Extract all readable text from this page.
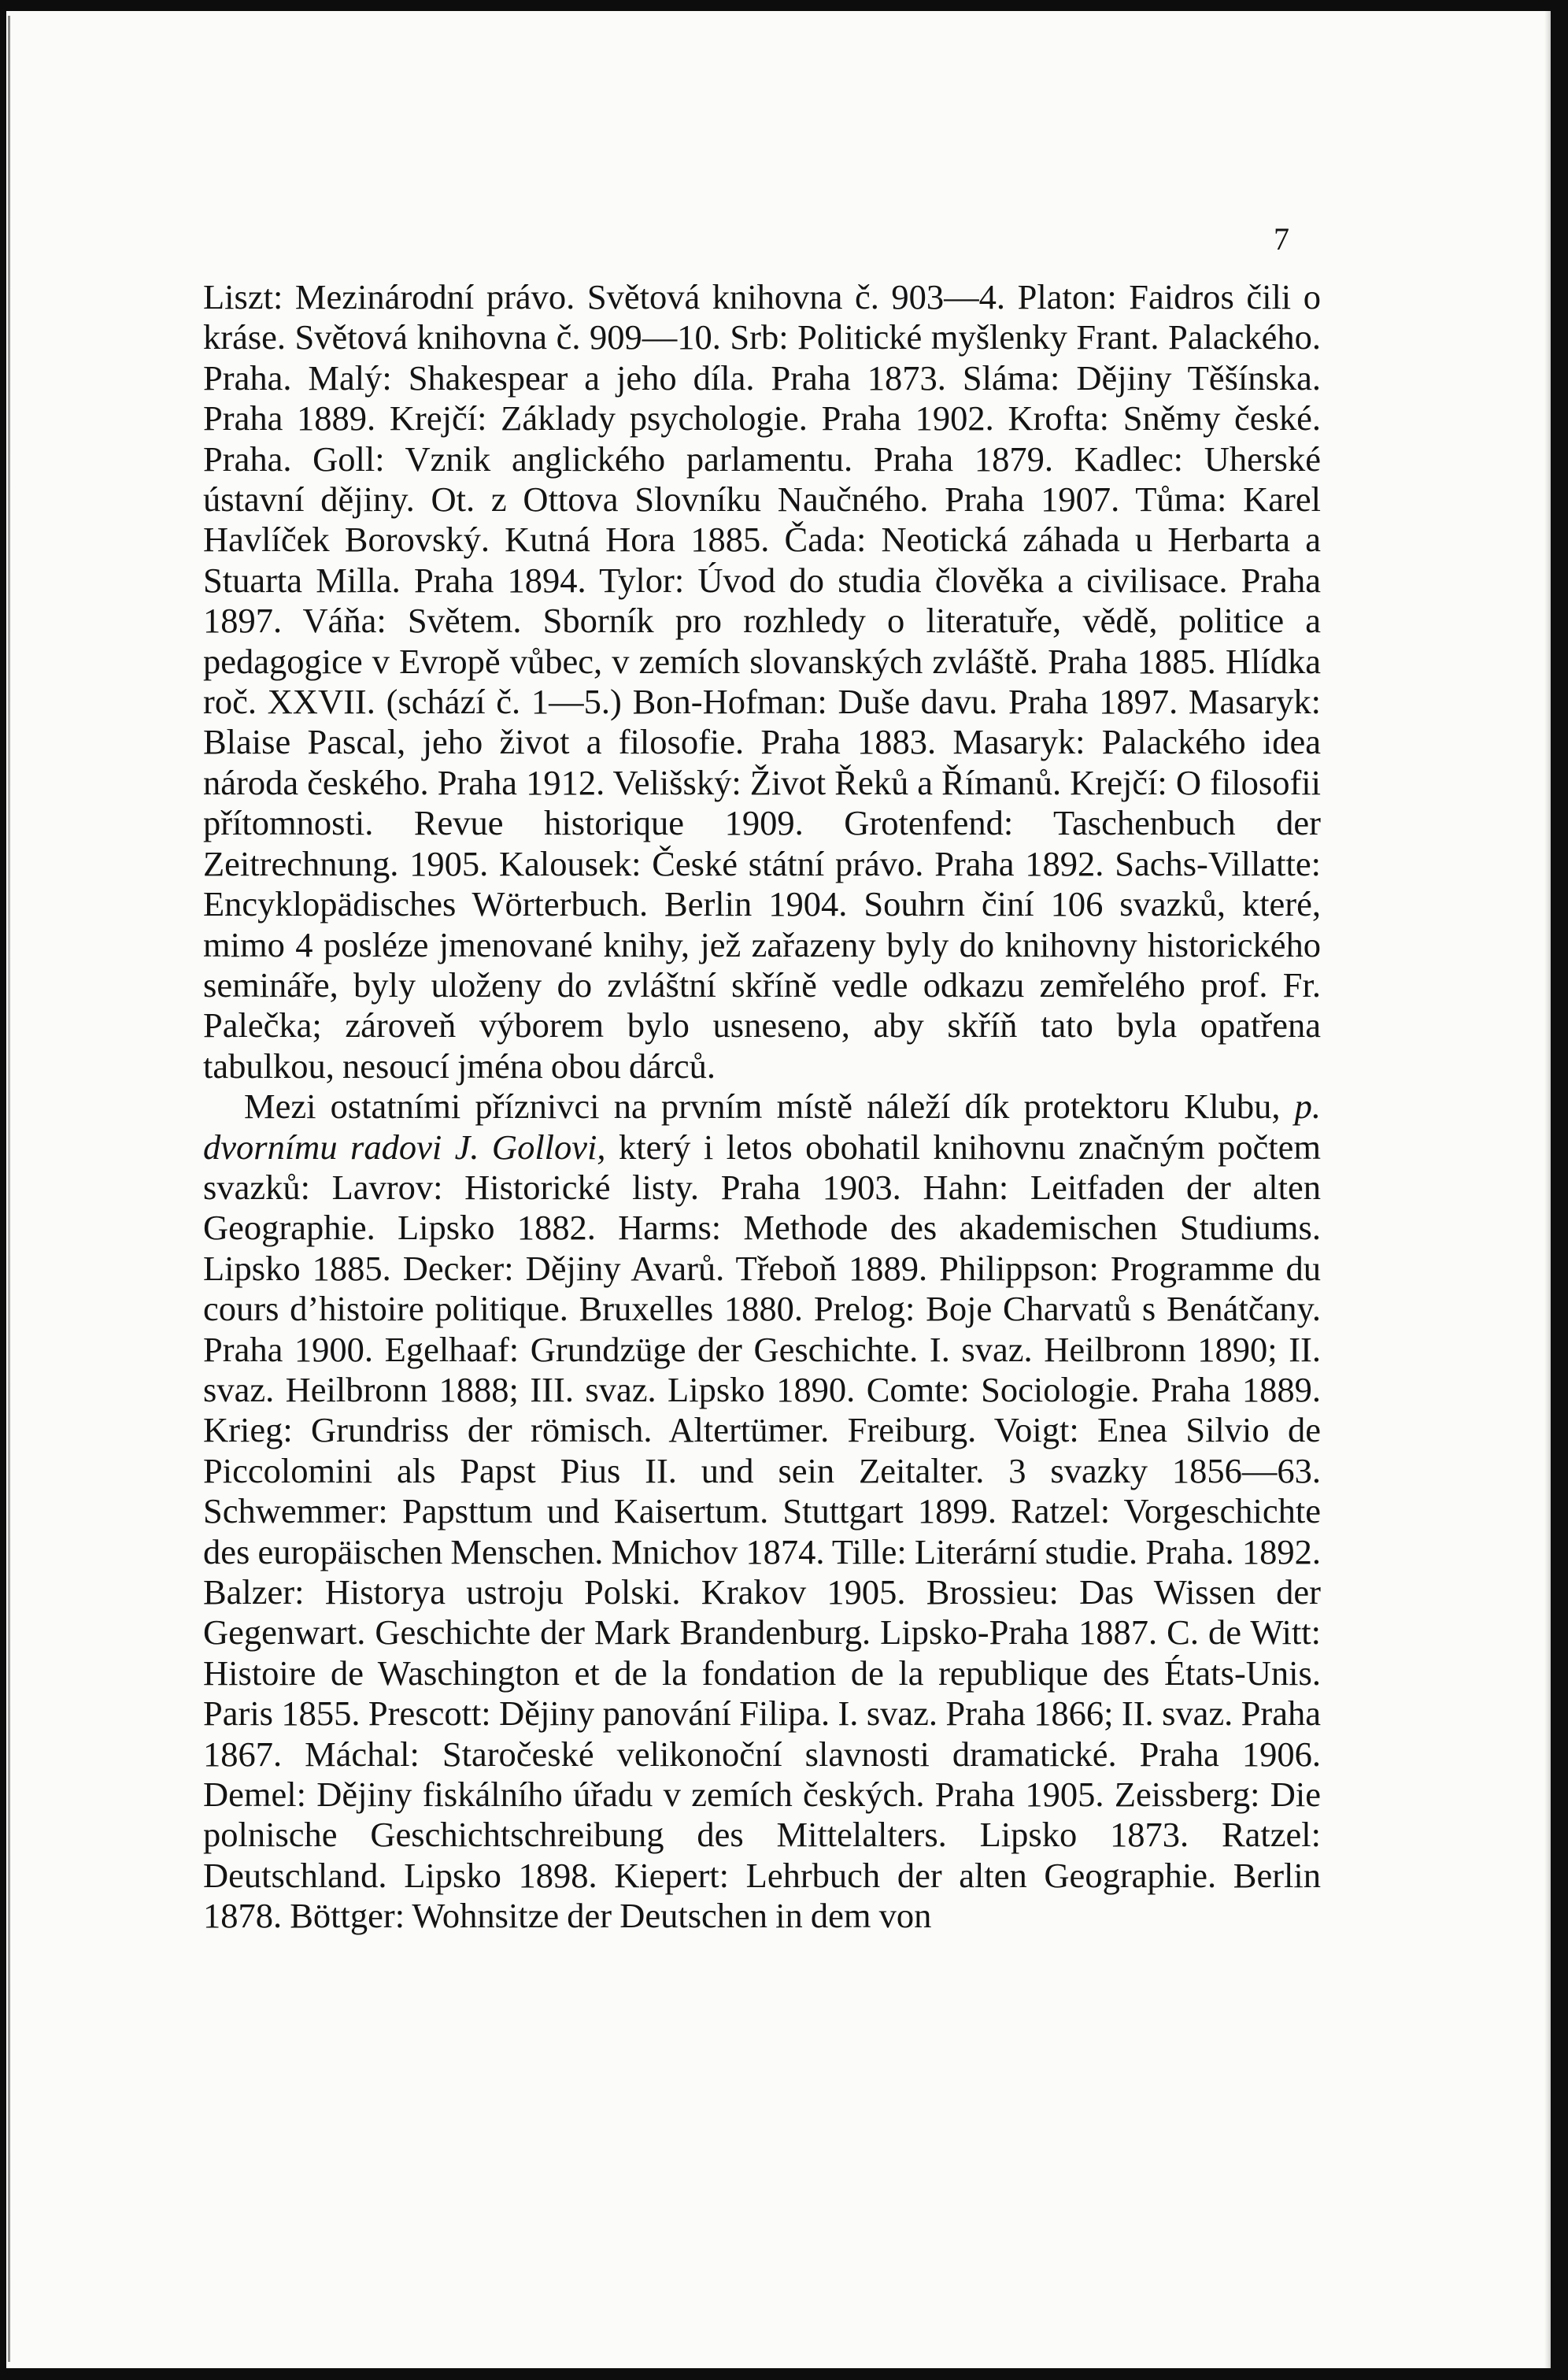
7

Liszt: Mezinárodní právo. Světová knihovna č. 903—4. Platon: Faidros čili o kráse. Světová knihovna č. 909—10. Srb: Politické myšlenky Frant. Palackého. Praha. Malý: Shakespear a jeho díla. Praha 1873. Sláma: Dějiny Těšínska. Praha 1889. Krejčí: Základy psychologie. Praha 1902. Krofta: Sněmy české. Praha. Goll: Vznik anglického parlamentu. Praha 1879. Kadlec: Uherské ústavní dějiny. Ot. z Ottova Slovníku Naučného. Praha 1907. Tůma: Karel Havlíček Borovský. Kutná Hora 1885. Čada: Neotická záhada u Herbarta a Stuarta Milla. Praha 1894. Tylor: Úvod do studia člověka a civilisace. Praha 1897. Váňa: Světem. Sborník pro rozhledy o literatuře, vědě, politice a pedagogice v Evropě vůbec, v zemích slovanských zvláště. Praha 1885. Hlídka roč. XXVII. (schází č. 1—5.) Bon-Hofman: Duše davu. Praha 1897. Masaryk: Blaise Pascal, jeho život a filosofie. Praha 1883. Masaryk: Palackého idea národa českého. Praha 1912. Velišský: Život Řeků a Římanů. Krejčí: O filosofii přítomnosti. Revue historique 1909. Grotenfend: Taschenbuch der Zeitrechnung. 1905. Kalousek: České státní právo. Praha 1892. Sachs-Villatte: Encyklopädisches Wörterbuch. Berlin 1904. Souhrn činí 106 svazků, které, mimo 4 posléze jmenované knihy, jež zařazeny byly do knihovny historického semináře, byly uloženy do zvláštní skříně vedle odkazu zemřelého prof. Fr. Palečka; zároveň výborem bylo usneseno, aby skříň tato byla opatřena tabulkou, nesoucí jména obou dárců.

Mezi ostatními příznivci na prvním místě náleží dík protektoru Klubu, p. dvornímu radovi J. Gollovi, který i letos obohatil knihovnu značným počtem svazků: Lavrov: Historické listy. Praha 1903. Hahn: Leitfaden der alten Geographie. Lipsko 1882. Harms: Methode des akademischen Studiums. Lipsko 1885. Decker: Dějiny Avarů. Třeboň 1889. Philippson: Programme du cours d’histoire politique. Bruxelles 1880. Prelog: Boje Charvatů s Benátčany. Praha 1900. Egelhaaf: Grundzüge der Geschichte. I. svaz. Heilbronn 1890; II. svaz. Heilbronn 1888; III. svaz. Lipsko 1890. Comte: Sociologie. Praha 1889. Krieg: Grundriss der römisch. Altertümer. Freiburg. Voigt: Enea Silvio de Piccolomini als Papst Pius II. und sein Zeitalter. 3 svazky 1856—63. Schwemmer: Papsttum und Kaisertum. Stuttgart 1899. Ratzel: Vorgeschichte des europäischen Menschen. Mnichov 1874. Tille: Literární studie. Praha. 1892. Balzer: Historya ustroju Polski. Krakov 1905. Brossieu: Das Wissen der Gegenwart. Geschichte der Mark Brandenburg. Lipsko-Praha 1887. C. de Witt: Histoire de Waschington et de la fondation de la republique des États-Unis. Paris 1855. Prescott: Dějiny panování Filipa. I. svaz. Praha 1866; II. svaz. Praha 1867. Máchal: Staročeské velikonoční slavnosti dramatické. Praha 1906. Demel: Dějiny fiskálního úřadu v zemích českých. Praha 1905. Zeissberg: Die polnische Geschichtschreibung des Mittelalters. Lipsko 1873. Ratzel: Deutschland. Lipsko 1898. Kiepert: Lehrbuch der alten Geographie. Berlin 1878. Böttger: Wohnsitze der Deutschen in dem von
